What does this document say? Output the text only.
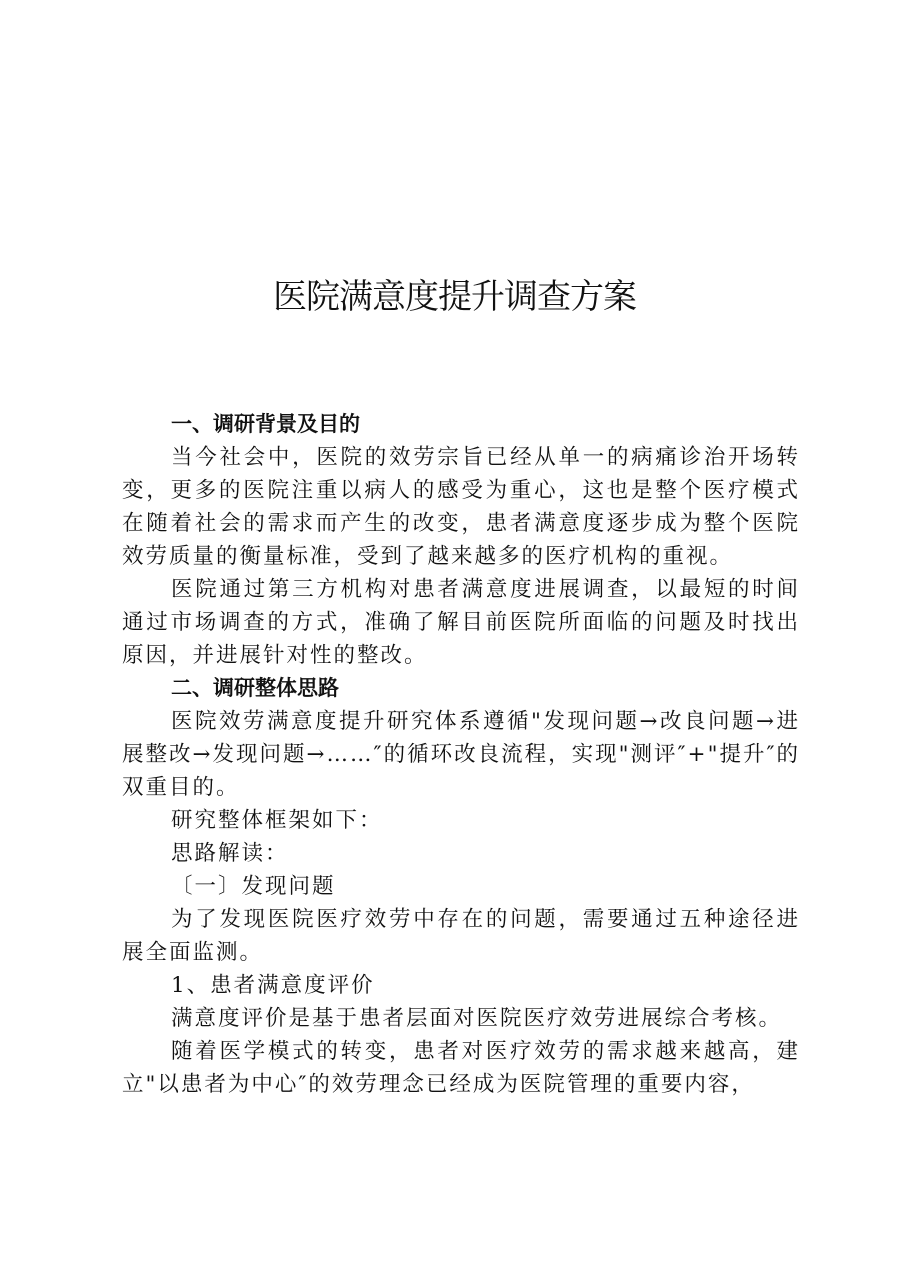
医院满意度提升调查方案

一、调研背景及目的

当今社会中，医院的效劳宗旨已经从单一的病痛诊治开场转变，更多的医院注重以病人的感受为重心，这也是整个医疗模式在随着社会的需求而产生的改变，患者满意度逐步成为整个医院效劳质量的衡量标准，受到了越来越多的医疗机构的重视。

医院通过第三方机构对患者满意度进展调查，以最短的时间通过市场调查的方式，准确了解目前医院所面临的问题及时找出原因，并进展针对性的整改。

二、调研整体思路

医院效劳满意度提升研究体系遵循"发现问题→改良问题→进展整改→发现问题→……″的循环改良流程，实现"测评″+"提升″的双重目的。

研究整体框架如下：

思路解读：

〔一〕发现问题

为了发现医院医疗效劳中存在的问题，需要通过五种途径进展全面监测。

1、患者满意度评价

满意度评价是基于患者层面对医院医疗效劳进展综合考核。

随着医学模式的转变，患者对医疗效劳的需求越来越高，建立"以患者为中心″的效劳理念已经成为医院管理的重要内容，
